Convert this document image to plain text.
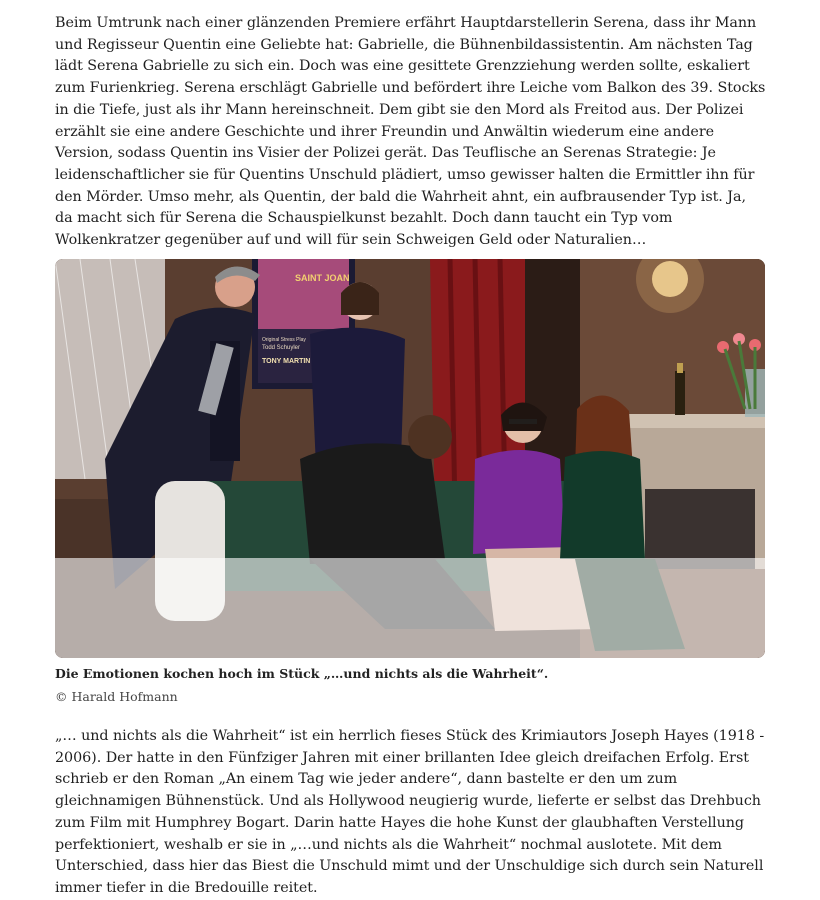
Beim Umtrunk nach einer glänzenden Premiere erfährt Hauptdarstellerin Serena, dass ihr Mann und Regisseur Quentin eine Geliebte hat: Gabrielle, die Bühnenbildassistentin. Am nächsten Tag lädt Serena Gabrielle zu sich ein. Doch was eine gesittete Grenzziehung werden sollte, eskaliert zum Furienkrieg. Serena erschlägt Gabrielle und befördert ihre Leiche vom Balkon des 39. Stocks in die Tiefe, just als ihr Mann hereinschneit. Dem gibt sie den Mord als Freitod aus. Der Polizei erzählt sie eine andere Geschichte und ihrer Freundin und Anwältin wiederum eine andere Version, sodass Quentin ins Visier der Polizei gerät. Das Teuflische an Serenas Strategie: Je leidenschaftlicher sie für Quentins Unschuld plädiert, umso gewisser halten die Ermittler ihn für den Mörder. Umso mehr, als Quentin, der bald die Wahrheit ahnt, ein aufbrausender Typ ist. Ja, da macht sich für Serena die Schauspielkunst bezahlt. Doch dann taucht ein Typ vom Wolkenkratzer gegenüber auf und will für sein Schweigen Geld oder Naturalien…

SAINT JOAN
Original Stress Play
Todd Schuyler
TONY MARTIN
Die Emotionen kochen hoch im Stück „…und nichts als die Wahrheit“.
© Harald Hofmann

„… und nichts als die Wahrheit“ ist ein herrlich fieses Stück des Krimiautors Joseph Hayes (1918 - 2006). Der hatte in den Fünfziger Jahren mit einer brillanten Idee gleich dreifachen Erfolg. Erst schrieb er den Roman „An einem Tag wie jeder andere“, dann bastelte er den um zum gleichnamigen Bühnenstück. Und als Hollywood neugierig wurde, lieferte er selbst das Drehbuch zum Film mit Humphrey Bogart. Darin hatte Hayes die hohe Kunst der glaubhaften Verstellung perfektioniert, weshalb er sie in „…und nichts als die Wahrheit“ nochmal auslotete. Mit dem Unterschied, dass hier das Biest die Unschuld mimt und der Unschuldige sich durch sein Naturell immer tiefer in die Bredouille reitet.
